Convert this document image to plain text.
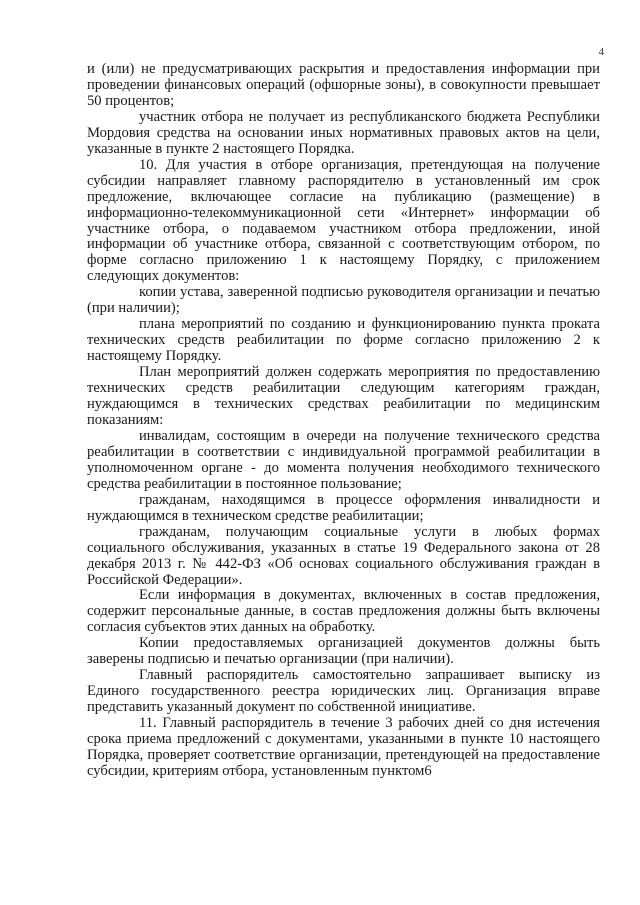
4

и (или) не предусматривающих раскрытия и предоставления информации при проведении финансовых операций (офшорные зоны), в совокупности превышает 50 процентов;

участник отбора не получает из республиканского бюджета Республики Мордовия средства на основании иных нормативных правовых актов на цели, указанные в пункте 2 настоящего Порядка.

10. Для участия в отборе организация, претендующая на получение субсидии направляет главному распорядителю в установленный им срок предложение, включающее согласие на публикацию (размещение) в информационно-телекоммуникационной сети «Интернет» информации об участнике отбора, о подаваемом участником отбора предложении, иной информации об участнике отбора, связанной с соответствующим отбором, по форме согласно приложению 1 к настоящему Порядку, с приложением следующих документов:

копии устава, заверенной подписью руководителя организации и печатью (при наличии);

плана мероприятий по созданию и функционированию пункта проката технических средств реабилитации по форме согласно приложению 2 к настоящему Порядку.

План мероприятий должен содержать мероприятия по предоставлению технических средств реабилитации следующим категориям граждан, нуждающимся в технических средствах реабилитации по медицинским показаниям:

инвалидам, состоящим в очереди на получение технического средства реабилитации в соответствии с индивидуальной программой реабилитации в уполномоченном органе - до момента получения необходимого технического средства реабилитации в постоянное пользование;

гражданам, находящимся в процессе оформления инвалидности и нуждающимся в техническом средстве реабилитации;

гражданам, получающим социальные услуги в любых формах социального обслуживания, указанных в статье 19 Федерального закона от 28 декабря 2013 г. № 442-ФЗ «Об основах социального обслуживания граждан в Российской Федерации».

Если информация в документах, включенных в состав предложения, содержит персональные данные, в состав предложения должны быть включены согласия субъектов этих данных на обработку.

Копии предоставляемых организацией документов должны быть заверены подписью и печатью организации (при наличии).

Главный распорядитель самостоятельно запрашивает выписку из Единого государственного реестра юридических лиц. Организация вправе представить указанный документ по собственной инициативе.

11. Главный распорядитель в течение 3 рабочих дней со дня истечения срока приема предложений с документами, указанными в пункте 10 настоящего Порядка, проверяет соответствие организации, претендующей на предоставление субсидии, критериям отбора, установленным пунктом6
